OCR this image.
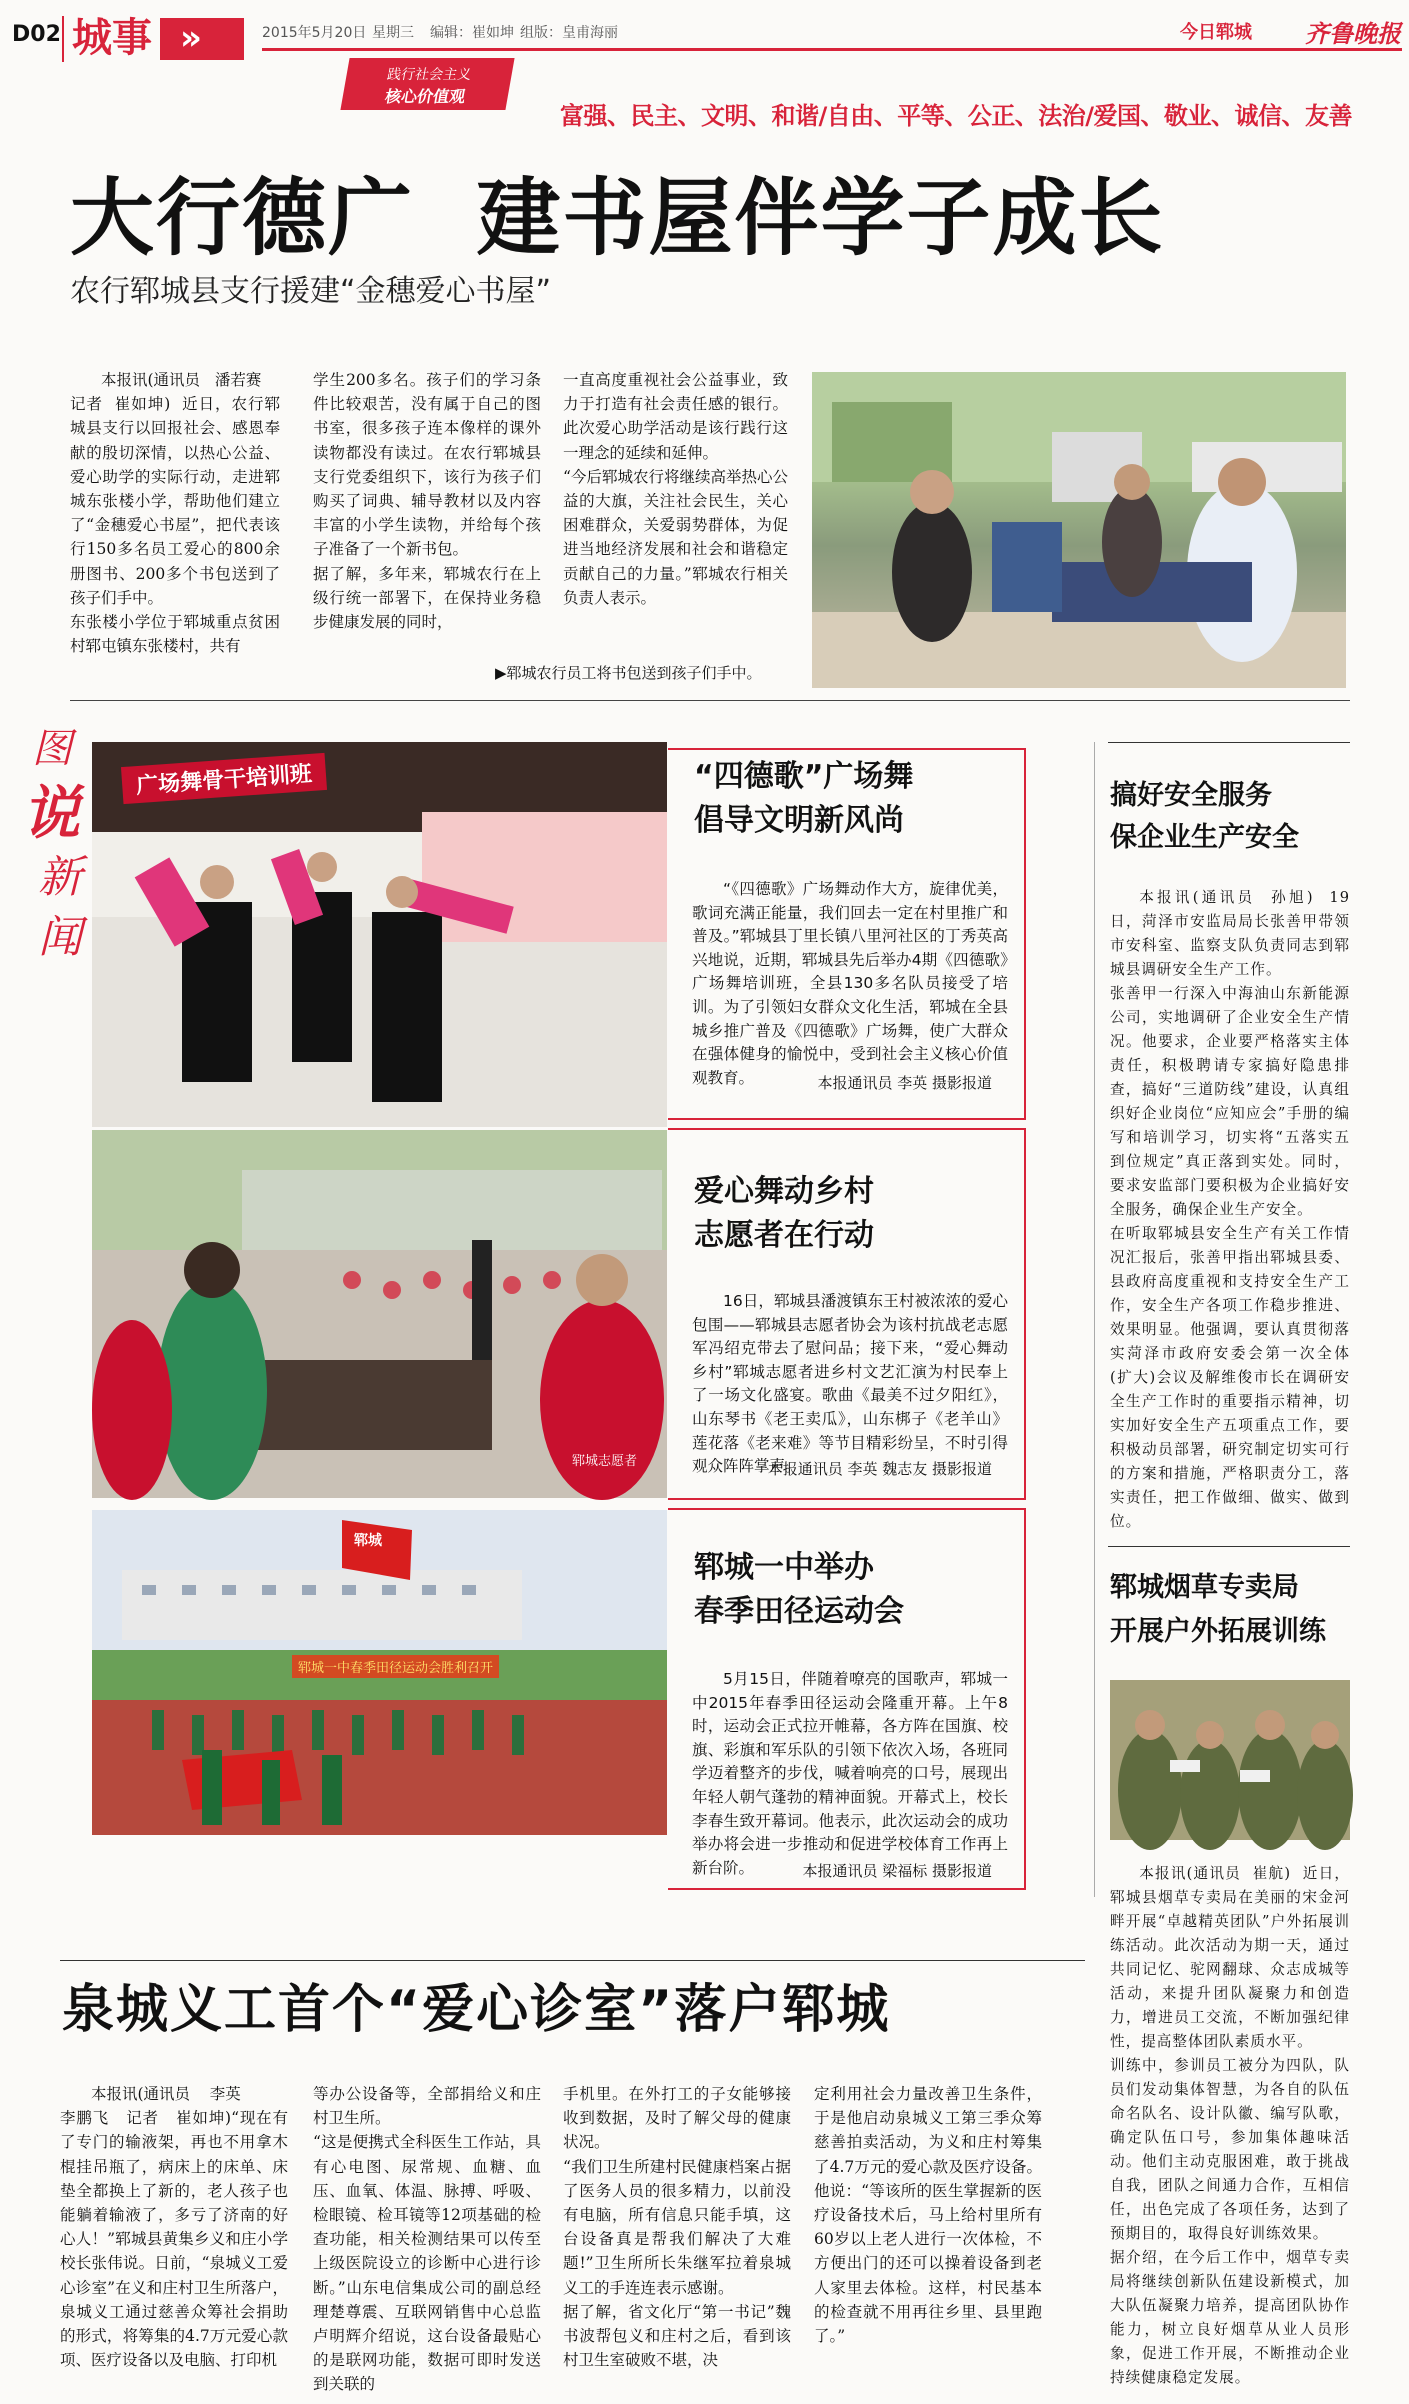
D02 城事 »	2015年5月20日 星期三 编辑：崔如坤 组版：皇甫海丽	今日郓城 齐鲁晚报
践行社会主义
核心价值观
富强、民主、文明、和谐/自由、平等、公正、法治/爱国、敬业、诚信、友善
大行德广  建书屋伴学子成长
农行郓城县支行援建“金穗爱心书屋”
本报讯(通讯员   潘若赛
记者  崔如坤)  近日，农行郓城县支行以回报社会、感恩奉献的殷切深情，以热心公益、爱心助学的实际行动，走进郓城东张楼小学，帮助他们建立了“金穗爱心书屋”，把代表该行150多名员工爱心的800余册图书、200多个书包送到了孩子们手中。
东张楼小学位于郓城重点贫困村郓屯镇东张楼村，共有
学生200多名。孩子们的学习条件比较艰苦，没有属于自己的图书室，很多孩子连本像样的课外读物都没有读过。在农行郓城县支行党委组织下，该行为孩子们购买了词典、辅导教材以及内容丰富的小学生读物，并给每个孩子准备了一个新书包。
据了解，多年来，郓城农行在上级行统一部署下，在保持业务稳步健康发展的同时，
一直高度重视社会公益事业，致力于打造有社会责任感的银行。此次爱心助学活动是该行践行这一理念的延续和延伸。
“今后郓城农行将继续高举热心公益的大旗，关注社会民生，关心困难群众，关爱弱势群体，为促进当地经济发展和社会和谐稳定贡献自己的力量。”郓城农行相关负责人表示。
▶郓城农行员工将书包送到孩子们手中。
图
说
新
闻
广场舞骨干培训班	“四德歌”广场舞
倡导文明新风尚
“《四德歌》广场舞动作大方，旋律优美，歌词充满正能量，我们回去一定在村里推广和普及。”郓城县丁里长镇八里河社区的丁秀英高兴地说，近期，郓城县先后举办4期《四德歌》广场舞培训班，全县130多名队员接受了培训。为了引领妇女群众文化生活，郓城在全县城乡推广普及《四德歌》广场舞，使广大群众在强体健身的愉悦中，受到社会主义核心价值观教育。	本报通讯员 李英 摄影报道
郓城志愿者
爱心舞动乡村
志愿者在行动
16日，郓城县潘渡镇东王村被浓浓的爱心包围——郓城县志愿者协会为该村抗战老志愿军冯绍克带去了慰问品；接下来，“爱心舞动乡村”郓城志愿者进乡村文艺汇演为村民奉上了一场文化盛宴。歌曲《最美不过夕阳红》，山东琴书《老王卖瓜》，山东梆子《老羊山》莲花落《老来难》等节目精彩纷呈，不时引得观众阵阵掌声。
本报通讯员 李英 魏志友 摄影报道
郓城一中春季田径运动会胜利召开
郓城
郓城一中举办
春季田径运动会
5月15日，伴随着嘹亮的国歌声，郓城一中2015年春季田径运动会隆重开幕。上午8时，运动会正式拉开帷幕，各方阵在国旗、校旗、彩旗和军乐队的引领下依次入场，各班同学迈着整齐的步伐，喊着响亮的口号，展现出年轻人朝气蓬勃的精神面貌。开幕式上，校长李春生致开幕词。他表示，此次运动会的成功举办将会进一步推动和促进学校体育工作再上新台阶。	本报通讯员 梁福标 摄影报道
搞好安全服务
保企业生产安全
本报讯(通讯员  孙旭)  19日，菏泽市安监局局长张善甲带领市安科室、监察支队负责同志到郓城县调研安全生产工作。
张善甲一行深入中海油山东新能源公司，实地调研了企业安全生产情况。他要求，企业要严格落实主体责任，积极聘请专家搞好隐患排查，搞好“三道防线”建设，认真组织好企业岗位“应知应会”手册的编写和培训学习，切实将“五落实五到位规定”真正落到实处。同时，要求安监部门要积极为企业搞好安全服务，确保企业生产安全。
在听取郓城县安全生产有关工作情况汇报后，张善甲指出郓城县委、县政府高度重视和支持安全生产工作，安全生产各项工作稳步推进、效果明显。他强调，要认真贯彻落实菏泽市政府安委会第一次全体(扩大)会议及解维俊市长在调研安全生产工作时的重要指示精神，切实加好安全生产五项重点工作，要积极动员部署，研究制定切实可行的方案和措施，严格职责分工，落实责任，把工作做细、做实、做到位。
郓城烟草专卖局
开展户外拓展训练
本报讯(通讯员  崔航)  近日，郓城县烟草专卖局在美丽的宋金河畔开展“卓越精英团队”户外拓展训练活动。此次活动为期一天，通过共同记忆、驼网翻球、众志成城等活动，来提升团队凝聚力和创造力，增进员工交流，不断加强纪律性，提高整体团队素质水平。
训练中，参训员工被分为四队，队员们发动集体智慧，为各自的队伍命名队名、设计队徽、编写队歌，确定队伍口号，参加集体趣味活动。他们主动克服困难，敢于挑战自我，团队之间通力合作，互相信任，出色完成了各项任务，达到了预期目的，取得良好训练效果。
据介绍，在今后工作中，烟草专卖局将继续创新队伍建设新模式，加大队伍凝聚力培养，提高团队协作能力，树立良好烟草从业人员形象，促进工作开展，不断推动企业持续健康稳定发展。
泉城义工首个“爱心诊室”落户郓城
本报讯(通讯员    李英
李鹏飞   记者   崔如坤)“现在有了专门的输液架，再也不用拿木棍挂吊瓶了，病床上的床单、床垫全都换上了新的，老人孩子也能躺着输液了，多亏了济南的好心人！”郓城县黄集乡义和庄小学校长张伟说。日前，“泉城义工爱心诊室”在义和庄村卫生所落户，泉城义工通过慈善众筹社会捐助的形式，将筹集的4.7万元爱心款项、医疗设备以及电脑、打印机
等办公设备等，全部捐给义和庄村卫生所。
“这是便携式全科医生工作站，具有心电图、尿常规、血糖、血压、血氧、体温、脉搏、呼吸、检眼镜、检耳镜等12项基础的检查功能，相关检测结果可以传至上级医院设立的诊断中心进行诊断。”山东电信集成公司的副总经理楚尊震、互联网销售中心总监卢明辉介绍说，这台设备最贴心的是联网功能，数据可即时发送到关联的
手机里。在外打工的子女能够接收到数据，及时了解父母的健康状况。
“我们卫生所建村民健康档案占据了医务人员的很多精力，以前没有电脑，所有信息只能手填，这台设备真是帮我们解决了大难题!”卫生所所长朱继军拉着泉城义工的手连连表示感谢。
据了解，省文化厅“第一书记”魏书波帮包义和庄村之后，看到该村卫生室破败不堪，决
定利用社会力量改善卫生条件，于是他启动泉城义工第三季众筹慈善拍卖活动，为义和庄村筹集了4.7万元的爱心款及医疗设备。他说：“等该所的医生掌握新的医疗设备技术后，马上给村里所有60岁以上老人进行一次体检，不方便出门的还可以操着设备到老人家里去体检。这样，村民基本的检查就不用再往乡里、县里跑了。”
